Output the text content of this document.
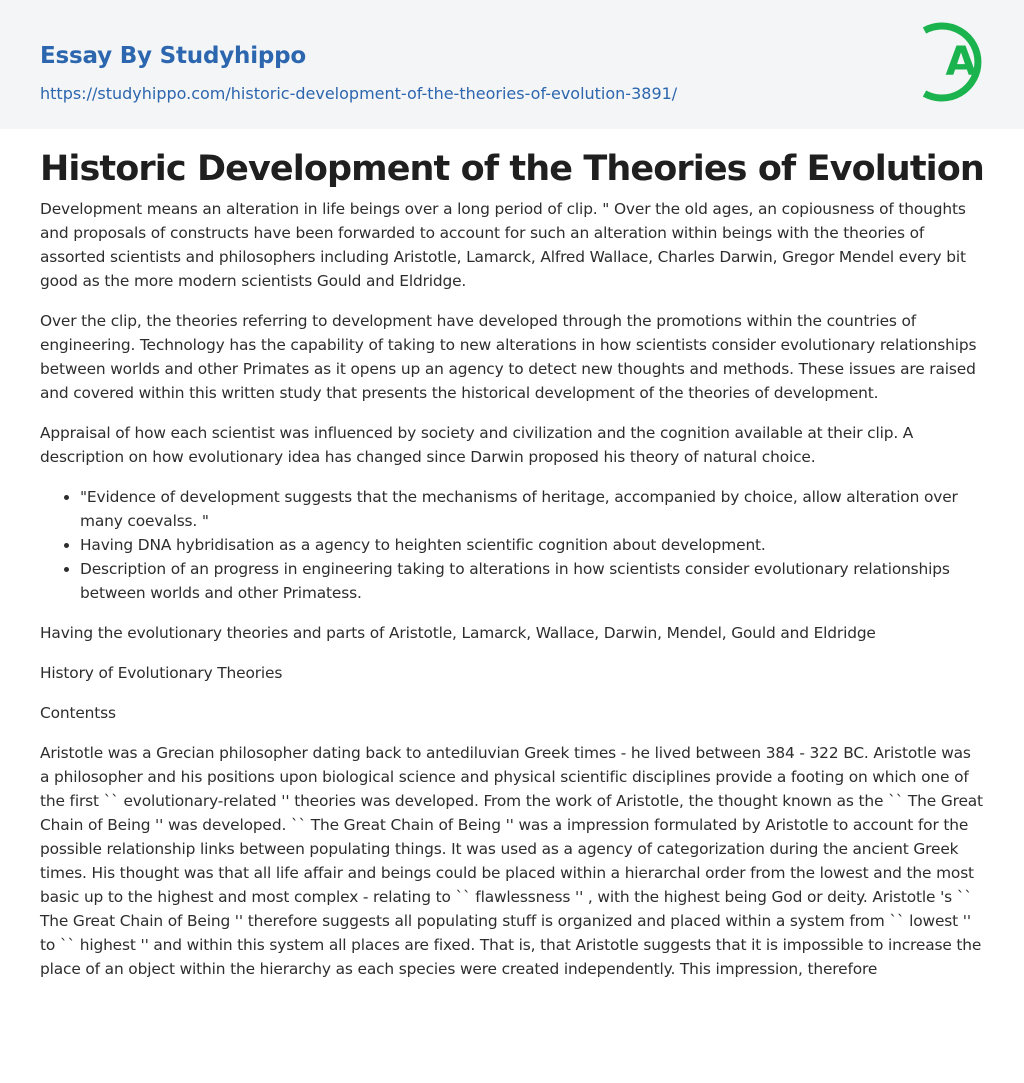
Essay By Studyhippo
https://studyhippo.com/historic-development-of-the-theories-of-evolution-3891/
A
Historic Development of the Theories of Evolution

Development means an alteration in life beings over a long period of clip. " Over the old ages, an copiousness of thoughts and proposals of constructs have been forwarded to account for such an alteration within beings with the theories of assorted scientists and philosophers including Aristotle, Lamarck, Alfred Wallace, Charles Darwin, Gregor Mendel every bit good as the more modern scientists Gould and Eldridge.

Over the clip, the theories referring to development have developed through the promotions within the countries of engineering. Technology has the capability of taking to new alterations in how scientists consider evolutionary relationships between worlds and other Primates as it opens up an agency to detect new thoughts and methods. These issues are raised and covered within this written study that presents the historical development of the theories of development.

Appraisal of how each scientist was influenced by society and civilization and the cognition available at their clip. A description on how evolutionary idea has changed since Darwin proposed his theory of natural choice.

• "Evidence of development suggests that the mechanisms of heritage, accompanied by choice, allow alteration over many coevalss. "
• Having DNA hybridisation as a agency to heighten scientific cognition about development.
• Description of an progress in engineering taking to alterations in how scientists consider evolutionary relationships between worlds and other Primatess.

Having the evolutionary theories and parts of Aristotle, Lamarck, Wallace, Darwin, Mendel, Gould and Eldridge

History of Evolutionary Theories

Contentss

Aristotle was a Grecian philosopher dating back to antediluvian Greek times - he lived between 384 - 322 BC. Aristotle was a philosopher and his positions upon biological science and physical scientific disciplines provide a footing on which one of the first `` evolutionary-related '' theories was developed. From the work of Aristotle, the thought known as the `` The Great Chain of Being '' was developed. `` The Great Chain of Being '' was a impression formulated by Aristotle to account for the possible relationship links between populating things. It was used as a agency of categorization during the ancient Greek times. His thought was that all life affair and beings could be placed within a hierarchal order from the lowest and the most basic up to the highest and most complex - relating to `` flawlessness '' , with the highest being God or deity. Aristotle 's `` The Great Chain of Being '' therefore suggests all populating stuff is organized and placed within a system from `` lowest '' to `` highest '' and within this system all places are fixed. That is, that Aristotle suggests that it is impossible to increase the place of an object within the hierarchy as each species were created independently. This impression, therefore
